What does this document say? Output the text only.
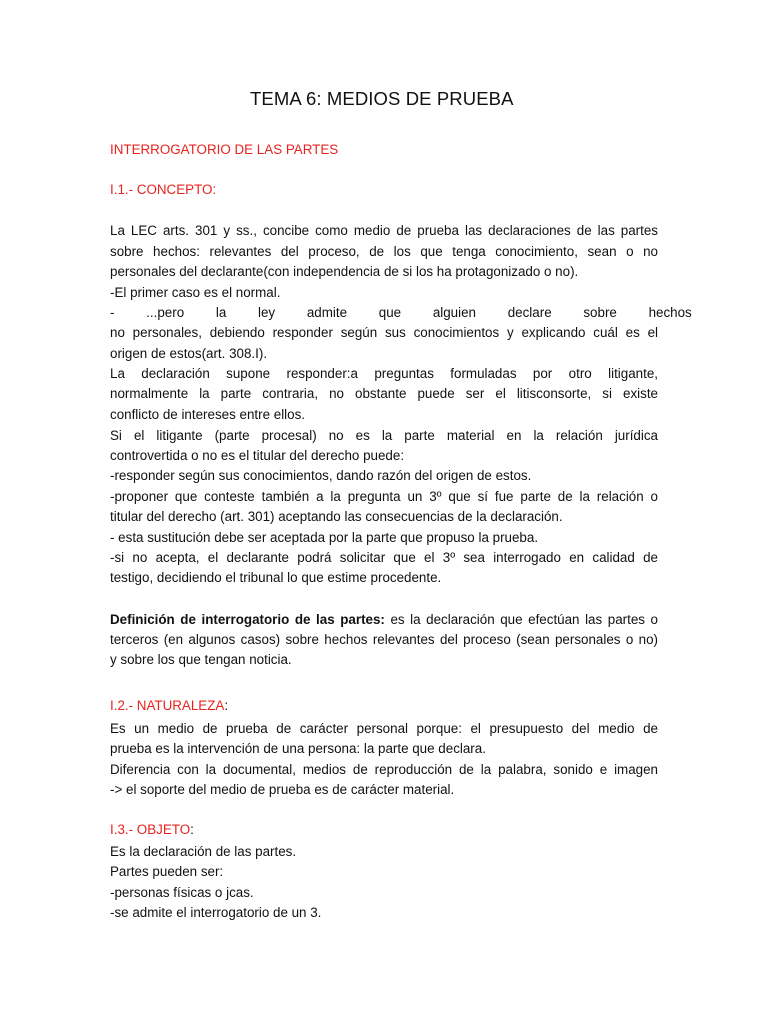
TEMA 6: MEDIOS DE PRUEBA
INTERROGATORIO DE LAS PARTES
I.1.- CONCEPTO:
La LEC arts. 301 y ss., concibe como medio de prueba las declaraciones de las partes
sobre hechos: relevantes del proceso, de los que tenga conocimiento, sean o no
personales del declarante(con independencia de si los ha protagonizado o no).
-El primer caso es el normal.
- ...pero la ley admite que alguien declare sobre hechos
no personales, debiendo responder según sus conocimientos y explicando cuál es el
origen de estos(art. 308.I).
La declaración supone responder:a preguntas formuladas por otro litigante,
normalmente la parte contraria, no obstante puede ser el litisconsorte, si existe
conflicto de intereses entre ellos.
Si el litigante (parte procesal) no es la parte material en la relación jurídica
controvertida o no es el titular del derecho puede:
-responder según sus conocimientos, dando razón del origen de estos.
-proponer que conteste también a la pregunta un 3º que sí fue parte de la relación o
titular del derecho (art. 301) aceptando las consecuencias de la declaración.
- esta sustitución debe ser aceptada por la parte que propuso la prueba.
-si no acepta, el declarante podrá solicitar que el 3º sea interrogado en calidad de
testigo, decidiendo el tribunal lo que estime procedente.
Definición de interrogatorio de las partes: es la declaración que efectúan las partes o
terceros (en algunos casos) sobre hechos relevantes del proceso (sean personales o no)
y sobre los que tengan noticia.
I.2.- NATURALEZA:
Es un medio de prueba de carácter personal porque: el presupuesto del medio de
prueba es la intervención de una persona: la parte que declara.
Diferencia con la documental, medios de reproducción de la palabra, sonido e imagen
-> el soporte del medio de prueba es de carácter material.
I.3.- OBJETO:
Es la declaración de las partes.
Partes pueden ser:
-personas físicas o jcas.
-se admite el interrogatorio de un 3.
